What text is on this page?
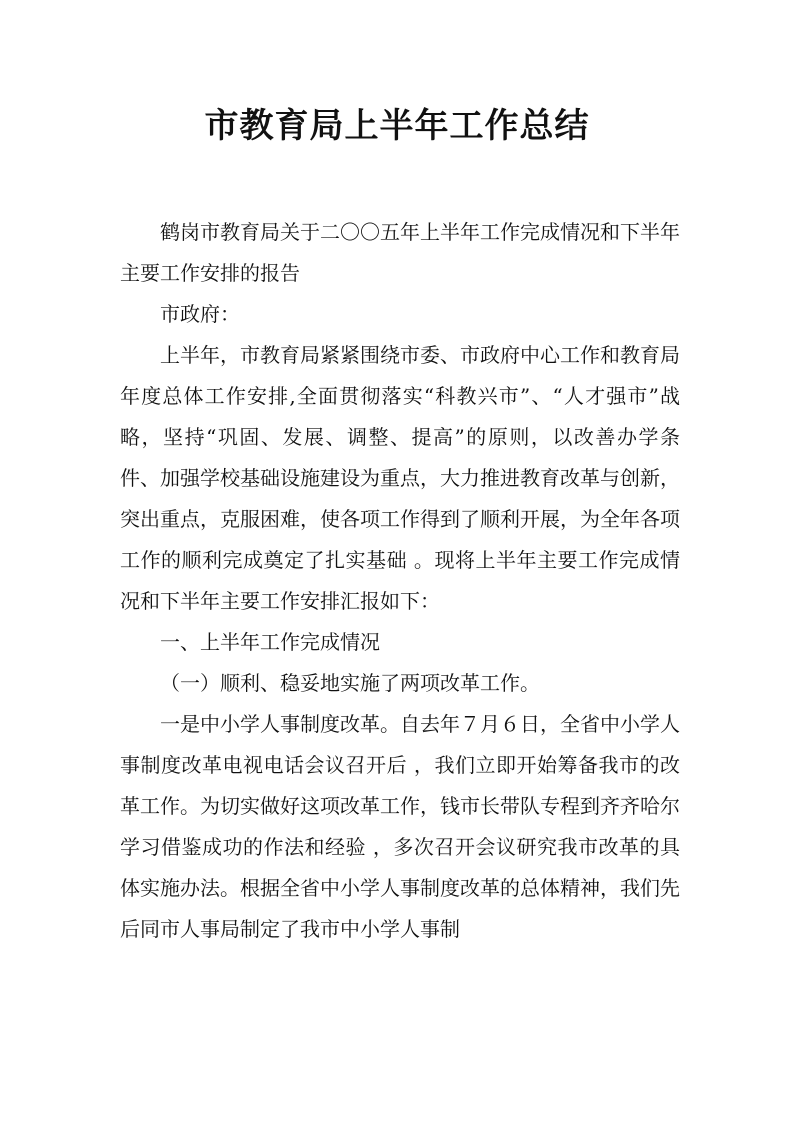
市教育局上半年工作总结

鹤岗市教育局关于二〇〇五年上半年工作完成情况和下半年主要工作安排的报告

市政府：

上半年，市教育局紧紧围绕市委、市政府中心工作和教育局年度总体工作安排,全面贯彻落实“科教兴市”、“人才强市”战略，坚持“巩固、发展、调整、提高”的原则，以改善办学条件、加强学校基础设施建设为重点，大力推进教育改革与创新，突出重点，克服困难，使各项工作得到了顺利开展，为全年各项工作的顺利完成奠定了扎实基础 。现将上半年主要工作完成情况和下半年主要工作安排汇报如下：

一、上半年工作完成情况

（一）顺利、稳妥地实施了两项改革工作。

一是中小学人事制度改革。自去年７月６日，全省中小学人事制度改革电视电话会议召开后 ，我们立即开始筹备我市的改革工作。为切实做好这项改革工作，钱市长带队专程到齐齐哈尔学习借鉴成功的作法和经验 ，多次召开会议研究我市改革的具体实施办法。根据全省中小学人事制度改革的总体精神，我们先后同市人事局制定了我市中小学人事制
